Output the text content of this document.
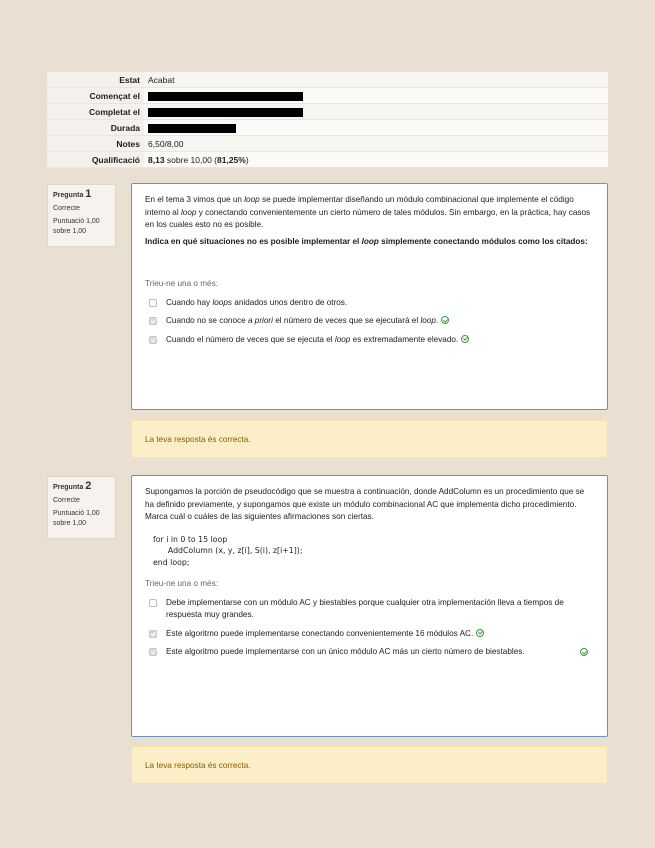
Estat	Acabat
Començat el	
Completat el	
Durada	
Notes	6,50/8,00
Qualificació	8,13 sobre 10,00 (81,25%)
Pregunta 1
Correcte
Puntuació 1,00 sobre 1,00

En el tema 3 vimos que un loop se puede implementar diseñando un módulo combinacional que implemente el código interno al loop y conectando convenientemente un cierto número de tales módulos. Sin embargo, en la práctica, hay casos en los cuales esto no es posible.

Indica en qué situaciones no es posible implementar el loop simplemente conectando módulos como los citados:

Trieu-ne una o més:

Cuando hay loops anidados unos dentro de otros.
Cuando no se conoce a priori el número de veces que se ejecutará el loop.
Cuando el número de veces que se ejecuta el loop es extremadamente elevado.
La teva resposta és correcta.
Pregunta 2
Correcte
Puntuació 1,00 sobre 1,00

Supongamos la porción de pseudocódigo que se muestra a continuación, donde AddColumn es un procedimiento que se ha definido previamente, y supongamos que existe un módulo combinacional AC que implementa dicho procedimiento. Marca cuál o cuáles de las siguientes afirmaciones son ciertas.

for i in 0 to 15 loop
AddColumn (x, y, z[i], S(i), z[i+1]);
end loop;

Trieu-ne una o més:

Debe implementarse con un módulo AC y biestables porque cualquier otra implementación lleva a tiempos de respuesta muy grandes.
Este algoritmo puede implementarse conectando convenientemente 16 módulos AC.
Este algoritmo puede implementarse con un único módulo AC más un cierto número de biestables.
La teva resposta és correcta.
